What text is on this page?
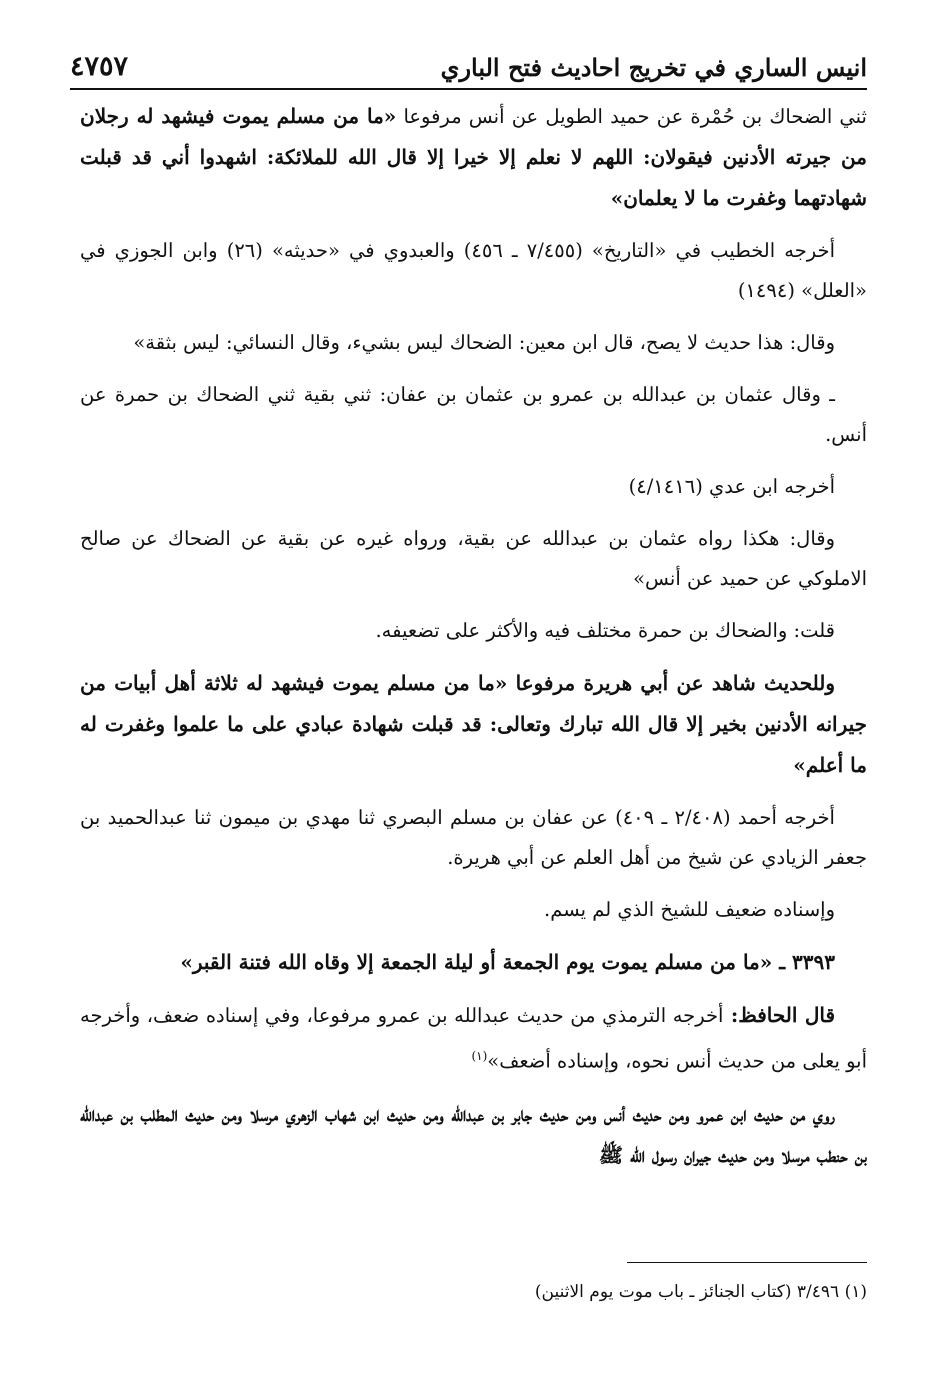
انيس الساري في تخريج احاديث فتح الباري
٤٧٥٧

ثني الضحاك بن حُمْرة عن حميد الطويل عن أنس مرفوعا «ما من مسلم يموت فيشهد له رجلان من جيرته الأدنين فيقولان: اللهم لا نعلم إلا خيرا إلا قال الله للملائكة: اشهدوا أني قد قبلت شهادتهما وغفرت ما لا يعلمان»

أخرجه الخطيب في «التاريخ» (٧/٤٥٥ ـ ٤٥٦) والعبدوي في «حديثه» (٢٦) وابن الجوزي في «العلل» (١٤٩٤)

وقال: هذا حديث لا يصح، قال ابن معين: الضحاك ليس بشيء، وقال النسائي: ليس بثقة»

ـ وقال عثمان بن عبدالله بن عمرو بن عثمان بن عفان: ثني بقية ثني الضحاك بن حمرة عن أنس.

أخرجه ابن عدي (٤/١٤١٦)

وقال: هكذا رواه عثمان بن عبدالله عن بقية، ورواه غيره عن بقية عن الضحاك عن صالح الاملوكي عن حميد عن أنس»

قلت: والضحاك بن حمرة مختلف فيه والأكثر على تضعيفه.

وللحديث شاهد عن أبي هريرة مرفوعا «ما من مسلم يموت فيشهد له ثلاثة أهل أبيات من جيرانه الأدنين بخير إلا قال الله تبارك وتعالى: قد قبلت شهادة عبادي على ما علموا وغفرت له ما أعلم»

أخرجه أحمد (٢/٤٠٨ ـ ٤٠٩) عن عفان بن مسلم البصري ثنا مهدي بن ميمون ثنا عبدالحميد بن جعفر الزيادي عن شيخ من أهل العلم عن أبي هريرة.

وإسناده ضعيف للشيخ الذي لم يسم.

٣٣٩٣ ـ «ما من مسلم يموت يوم الجمعة أو ليلة الجمعة إلا وقاه الله فتنة القبر»

قال الحافظ: أخرجه الترمذي من حديث عبدالله بن عمرو مرفوعا، وفي إسناده ضعف، وأخرجه أبو يعلى من حديث أنس نحوه، وإسناده أضعف»$^{(١)}$

روي من حديث ابن عمرو ومن حديث أنس ومن حديث جابر بن عبدالله ومن حديث ابن شهاب الزهري مرسلا ومن حديث المطلب بن عبدالله بن حنطب مرسلا ومن حديث جيران رسول الله ﷺ

(١) ٣/٤٩٦ (كتاب الجنائز ـ باب موت يوم الاثنين)
